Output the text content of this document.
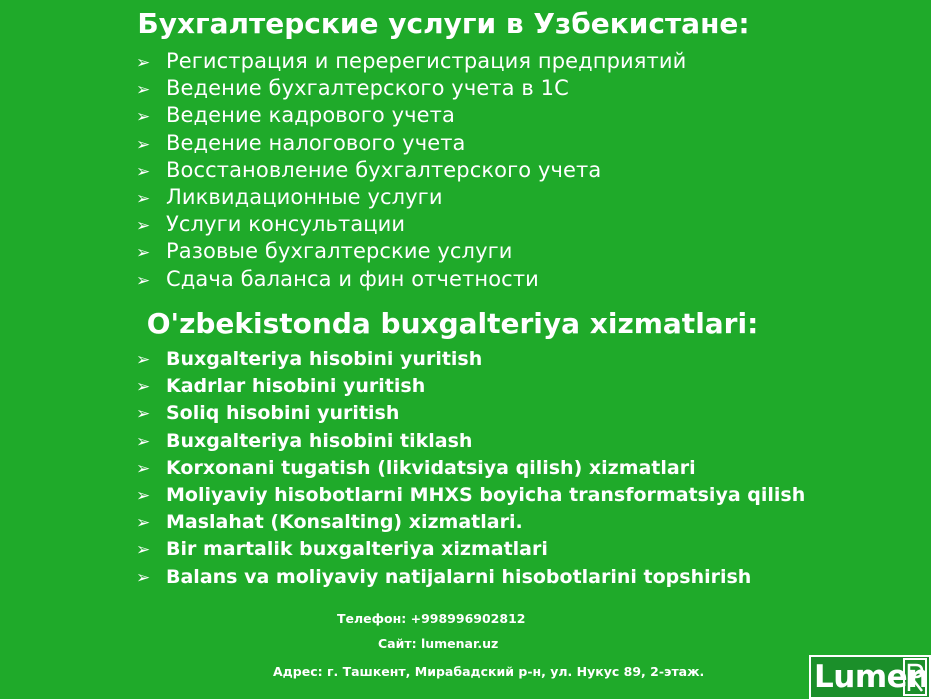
Бухгалтерские услуги в Узбекистане:
➢ Регистрация и перерегистрация предприятий
➢ Ведение бухгалтерского учета в 1С
➢ Ведение кадрового учета
➢ Ведение налогового учета
➢ Восстановление бухгалтерского учета
➢ Ликвидационные услуги
➢ Услуги консультации
➢ Разовые бухгалтерские услуги
➢ Сдача баланса и фин отчетности
O'zbekistonda buxgalteriya xizmatlari:
➢ Buxgalteriya hisobini yuritish
➢ Kadrlar hisobini yuritish
➢ Soliq hisobini yuritish
➢ Buxgalteriya hisobini tiklash
➢ Korxonani tugatish (likvidatsiya qilish) xizmatlari
➢ Moliyaviy hisobotlarni MHXS boyicha transformatsiya qilish
➢ Maslahat (Konsalting) xizmatlari.
➢ Bir martalik buxgalteriya xizmatlari
➢ Balans va moliyaviy natijalarni hisobotlarini topshirish
Телефон: +998996902812
Сайт: lumenar.uz
Адрес: г. Ташкент, Мирабадский р-н, ул. Нукус 89, 2-этаж.	Lumen
